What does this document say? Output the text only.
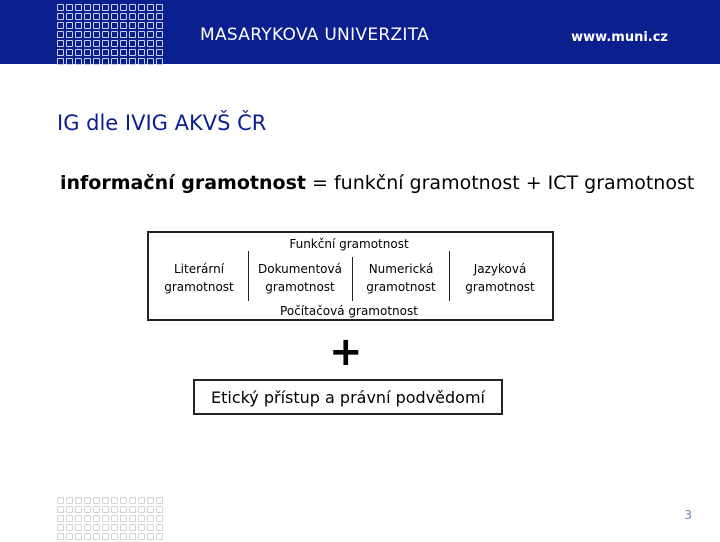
MASARYKOVA UNIVERZITA	www.muni.cz
IG dle IVIG AKVŠ ČR
informační gramotnost = funkční gramotnost + ICT gramotnost
Funkční gramotnost
Literární
gramotnost
Dokumentová
gramotnost
Numerická
gramotnost
Jazyková
gramotnost
Počítačová gramotnost
+
Etický přístup a právní podvědomí
3
